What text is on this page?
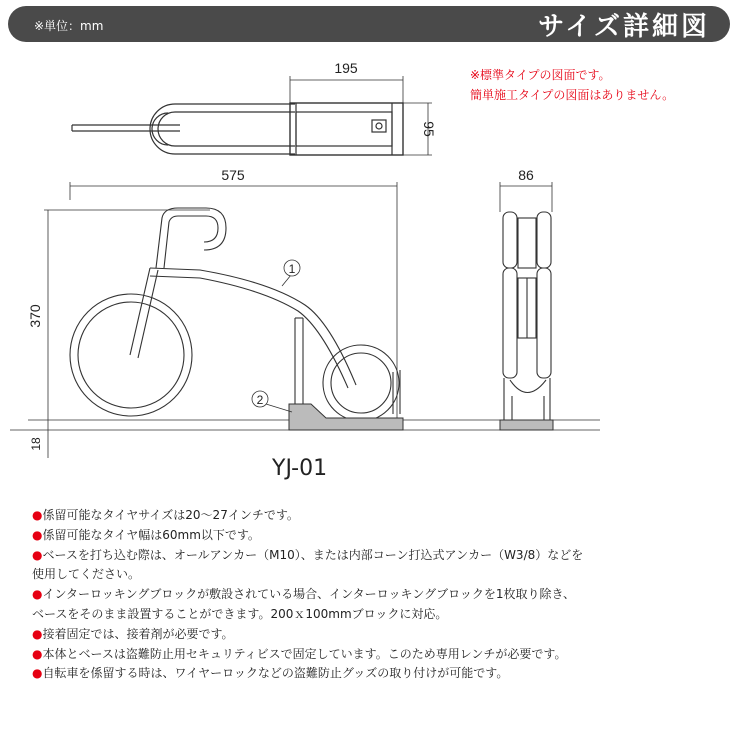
※単位：mm	サイズ詳細図
※標準タイプの図面です。
簡単施工タイプの図面はありません。
195
95
575
370
18
1
2
86
YJ-01
●係留可能なタイヤサイズは20～27インチです。
●係留可能なタイヤ幅は60mm以下です。
●ベースを打ち込む際は、オールアンカー（M10）、または内部コーン打込式アンカー（W3/8）などを
使用してください。
●インターロッキングブロックが敷設されている場合、インターロッキングブロックを1枚取り除き、
ベースをそのまま設置することができます。200ｘ100mmブロックに対応。
●接着固定では、接着剤が必要です。
●本体とベースは盗難防止用セキュリティビスで固定しています。このため専用レンチが必要です。
●自転車を係留する時は、ワイヤーロックなどの盗難防止グッズの取り付けが可能です。
